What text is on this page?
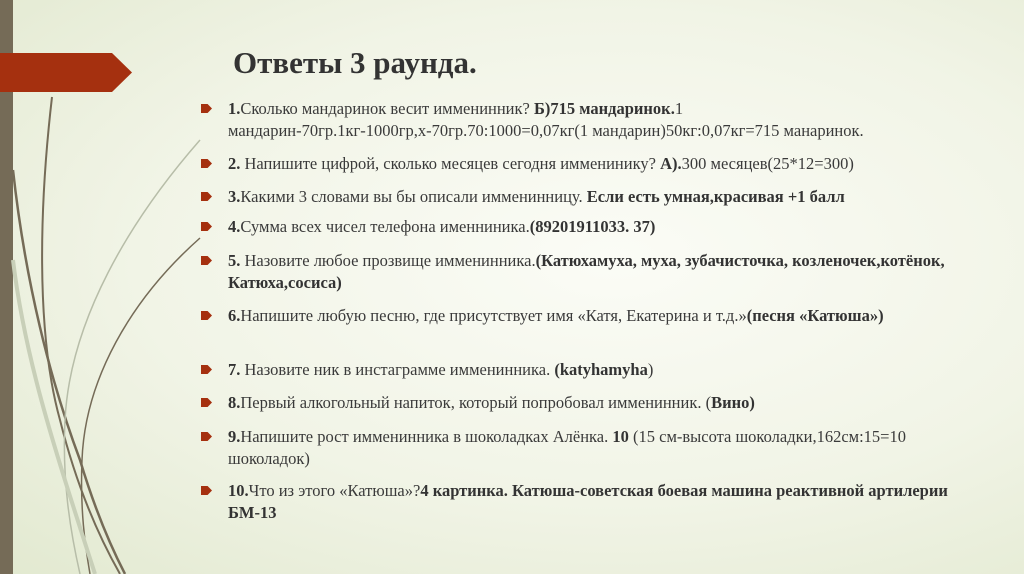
Ответы 3 раунда.
1.Сколько мандаринок весит имменинник? Б)715 мандаринок.1 мандарин-70гр.1кг-1000гр,х-70гр.70:1000=0,07кг(1 мандарин)50кг:0,07кг=715 манаринок.
2. Напишите цифрой, сколько месяцев сегодня имменинику? А).300 месяцев(25*12=300)
3.Какими 3 словами вы бы описали имменинницу. Если есть умная,красивая +1 балл
4.Сумма всех чисел телефона именниника.(89201911033. 37)
5. Назовите любое прозвище имменинника.(Катюхамуха, муха, зубачисточка, козленочек,котёнок, Катюха,сосиса)
6.Напишите любую песню, где присутствует имя «Катя, Екатерина и т.д.»(песня «Катюша»)
7. Назовите ник в инстаграмме имменинника. (katyhamyha)
8.Первый алкогольный напиток, который попробовал имменинник. (Вино)
9.Напишите рост имменинника в шоколадках Алёнка. 10 (15 см-высота шоколадки,162см:15=10 шоколадок)
10.Что из этого «Катюша»?4 картинка. Катюша-советская боевая машина реактивной артилерии БМ-13
